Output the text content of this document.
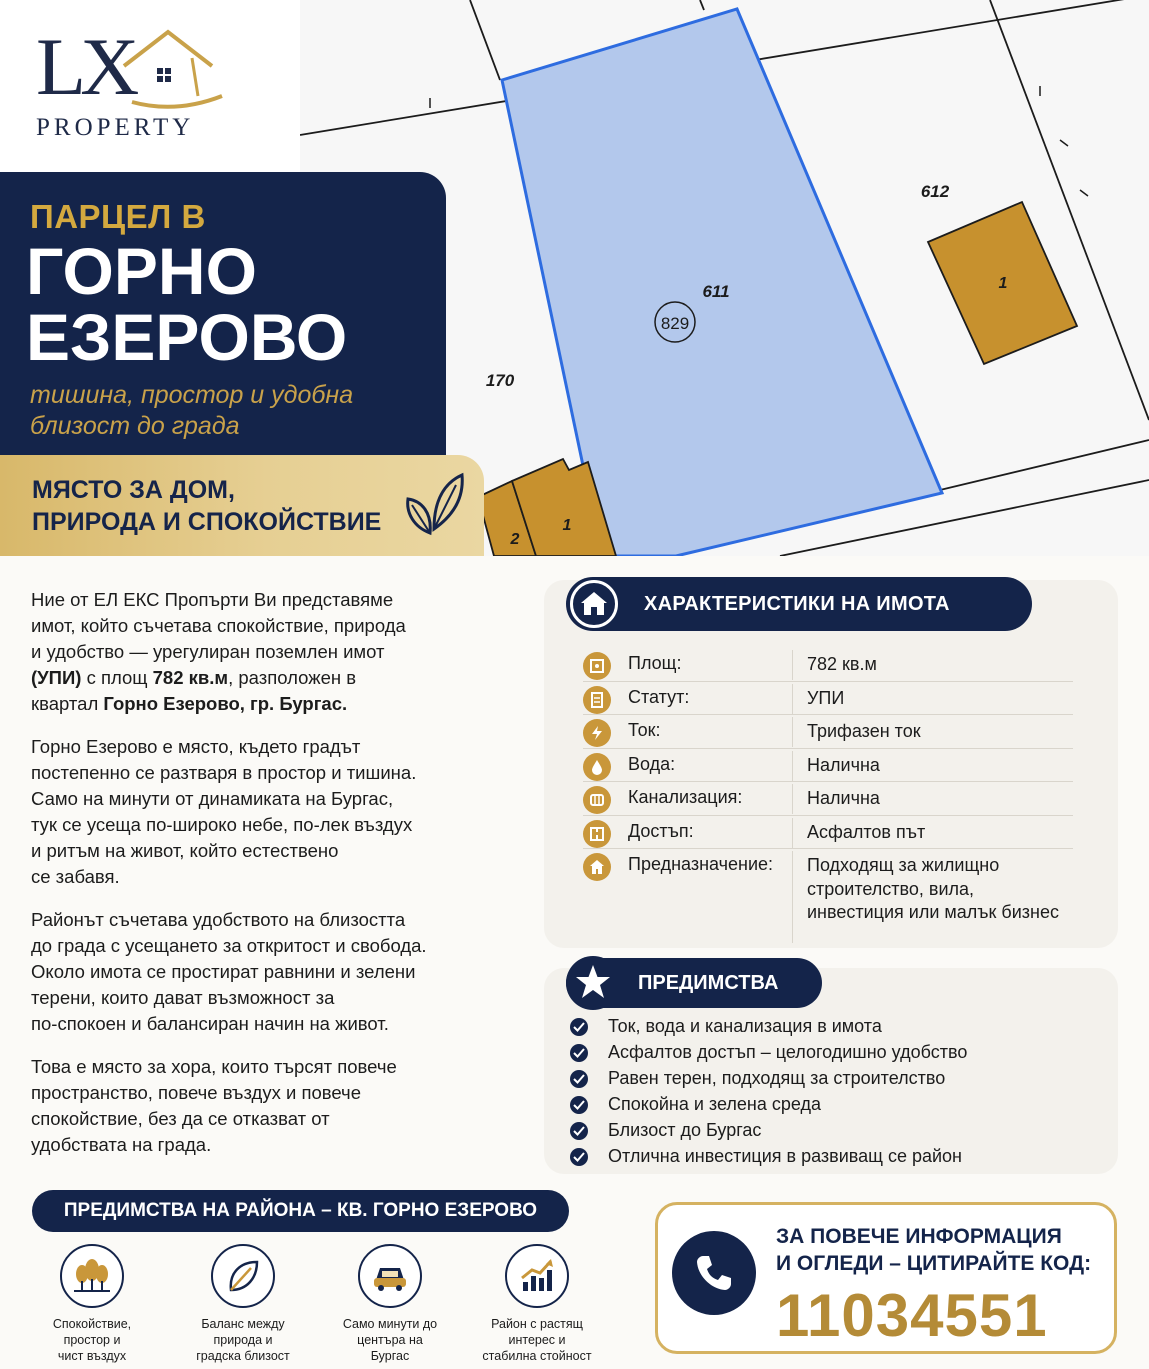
829
611
612
170
1
2
1
LX
PROPERTY
ПАРЦЕЛ В
ГОРНО
ЕЗЕРОВО
тишина, простор и удобна близост до града
МЯСТО ЗА ДОМ,
ПРИРОДА И СПОКОЙСТВИЕ

Ние от ЕЛ ЕКС Пропърти Ви представяме
имот, който съчетава спокойствие, природа
и удобство — урегулиран поземлен имот
(УПИ) с площ 782 кв.м, разположен в
квартал Горно Езерово, гр. Бургас.

Горно Езерово е място, където градът
постепенно се разтваря в простор и тишина.
Само на минути от динамиката на Бургас,
тук се усеща по-широко небе, по-лек въздух
и ритъм на живот, който естествено
се забавя.

Районът съчетава удобството на близостта
до града с усещането за откритост и свобода.
Около имота се простират равнини и зелени
терени, които дават възможност за
по-спокоен и балансиран начин на живот.

Това е място за хора, които търсят повече
пространство, повече въздух и повече
спокойствие, без да се отказват от
удобствата на града.

ПРЕДИМСТВА НА РАЙОНА – КВ. ГОРНО ЕЗЕРОВО
Спокойствие,
простор и
чист въздух
Баланс между
природа и
градска близост
Само минути до
центъра на
Бургас
Район с растящ
интерес и
стабилна стойност
ХАРАКТЕРИСТИКИ НА ИМОТА
Площ:	782 кв.м
Статут:	УПИ
Ток:	Трифазен ток
Вода:	Налична
Канализация:	Налична
Достъп:	Асфалтов път
Предназначение: Подходящ за жилищно строителство, вила, инвестиция или малък бизнес
ПРЕДИМСТВА
Ток, вода и канализация в имота
Асфалтов достъп – целогодишно удобство
Равен терен, подходящ за строителство
Спокойна и зелена среда
Близост до Бургас
Отлична инвестиция в развиващ се район
ЗА ПОВЕЧЕ ИНФОРМАЦИЯ
И ОГЛЕДИ – ЦИТИРАЙТЕ КОД:
11034551
